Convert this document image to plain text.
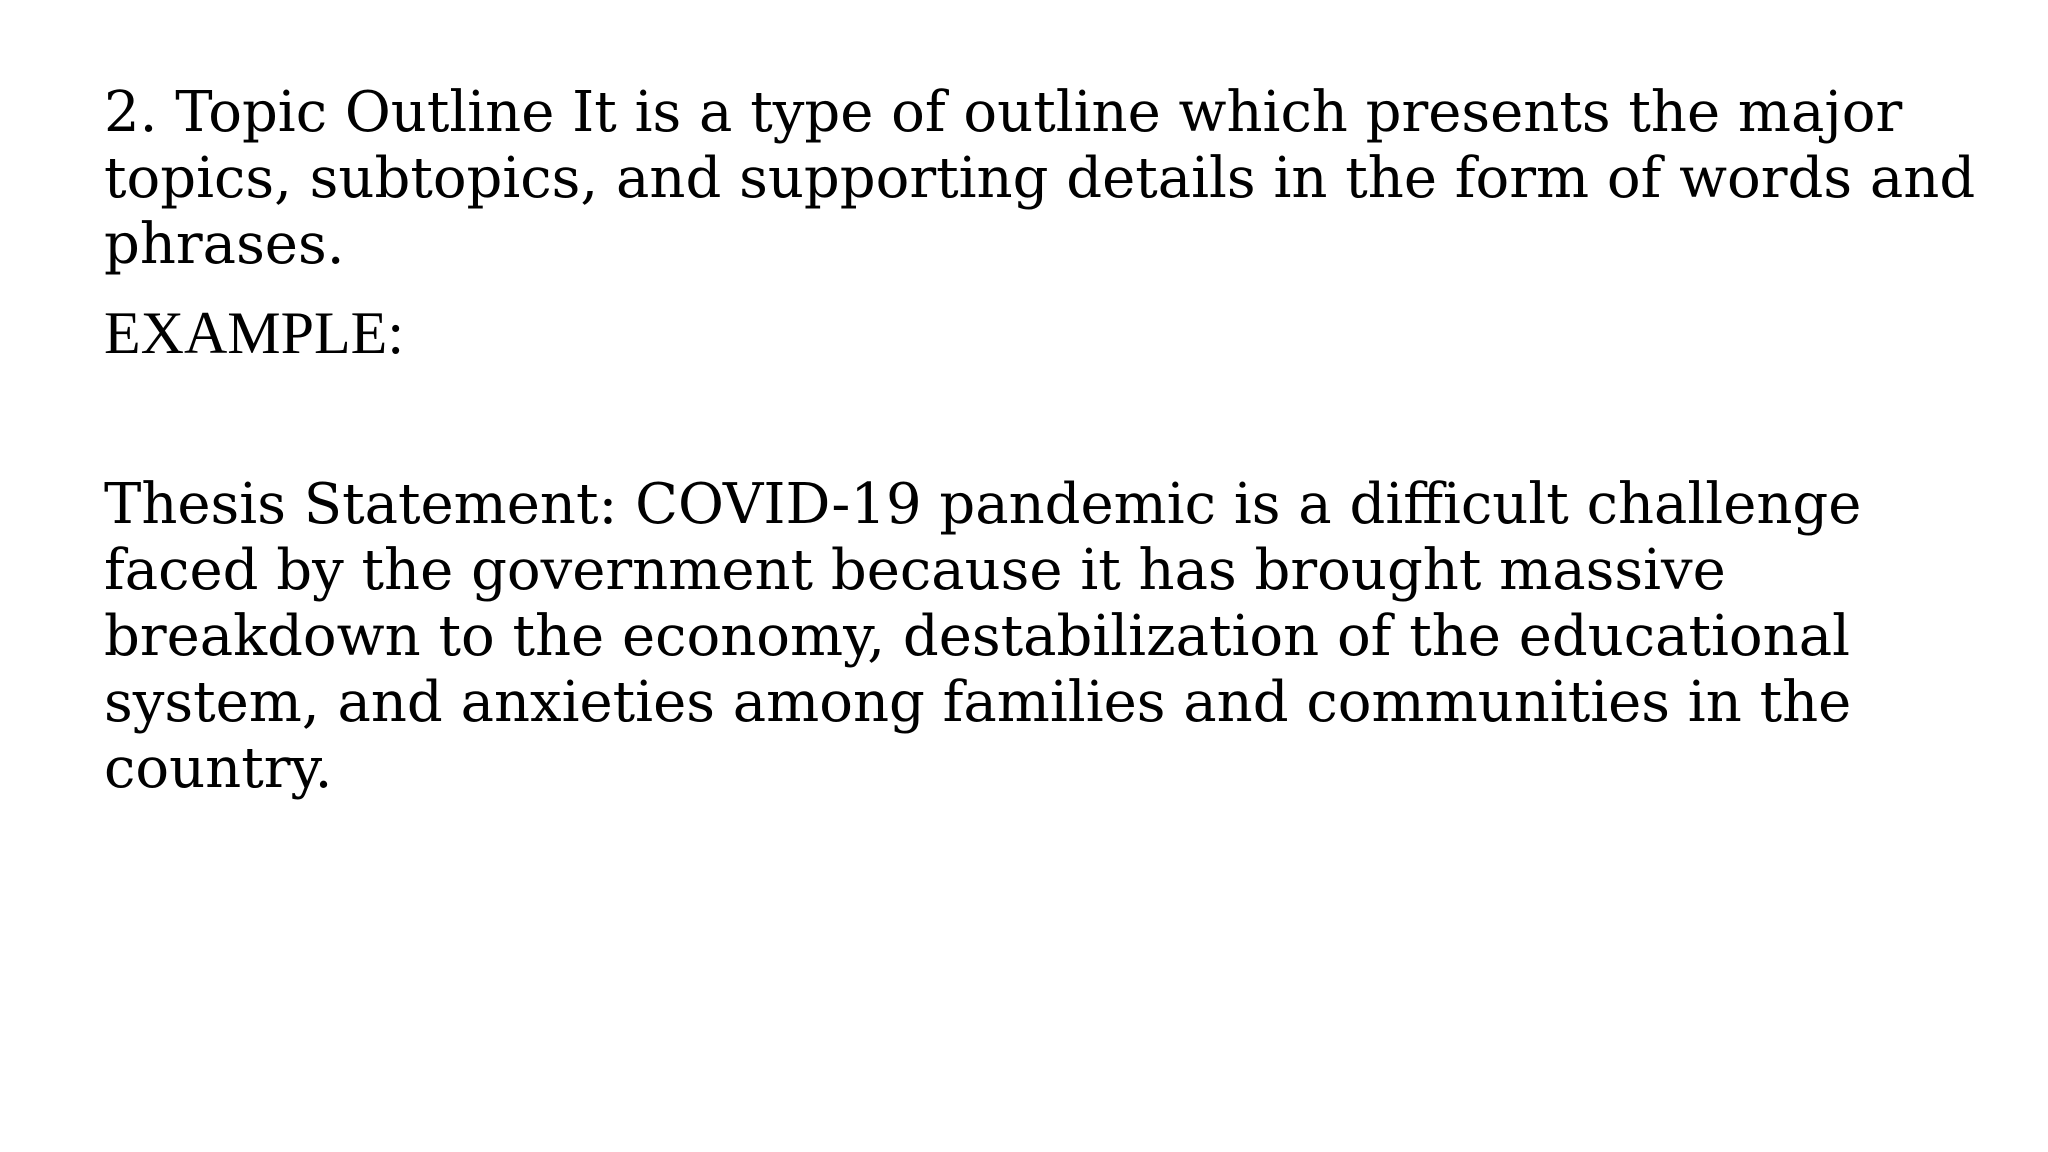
2. Topic Outline It is a type of outline which presents the major topics, subtopics, and supporting details in the form of words and phrases.

EXAMPLE:

Thesis Statement: COVID-19 pandemic is a difficult challenge faced by the government because it has brought massive breakdown to the economy, destabilization of the educational system, and anxieties among families and communities in the country.
